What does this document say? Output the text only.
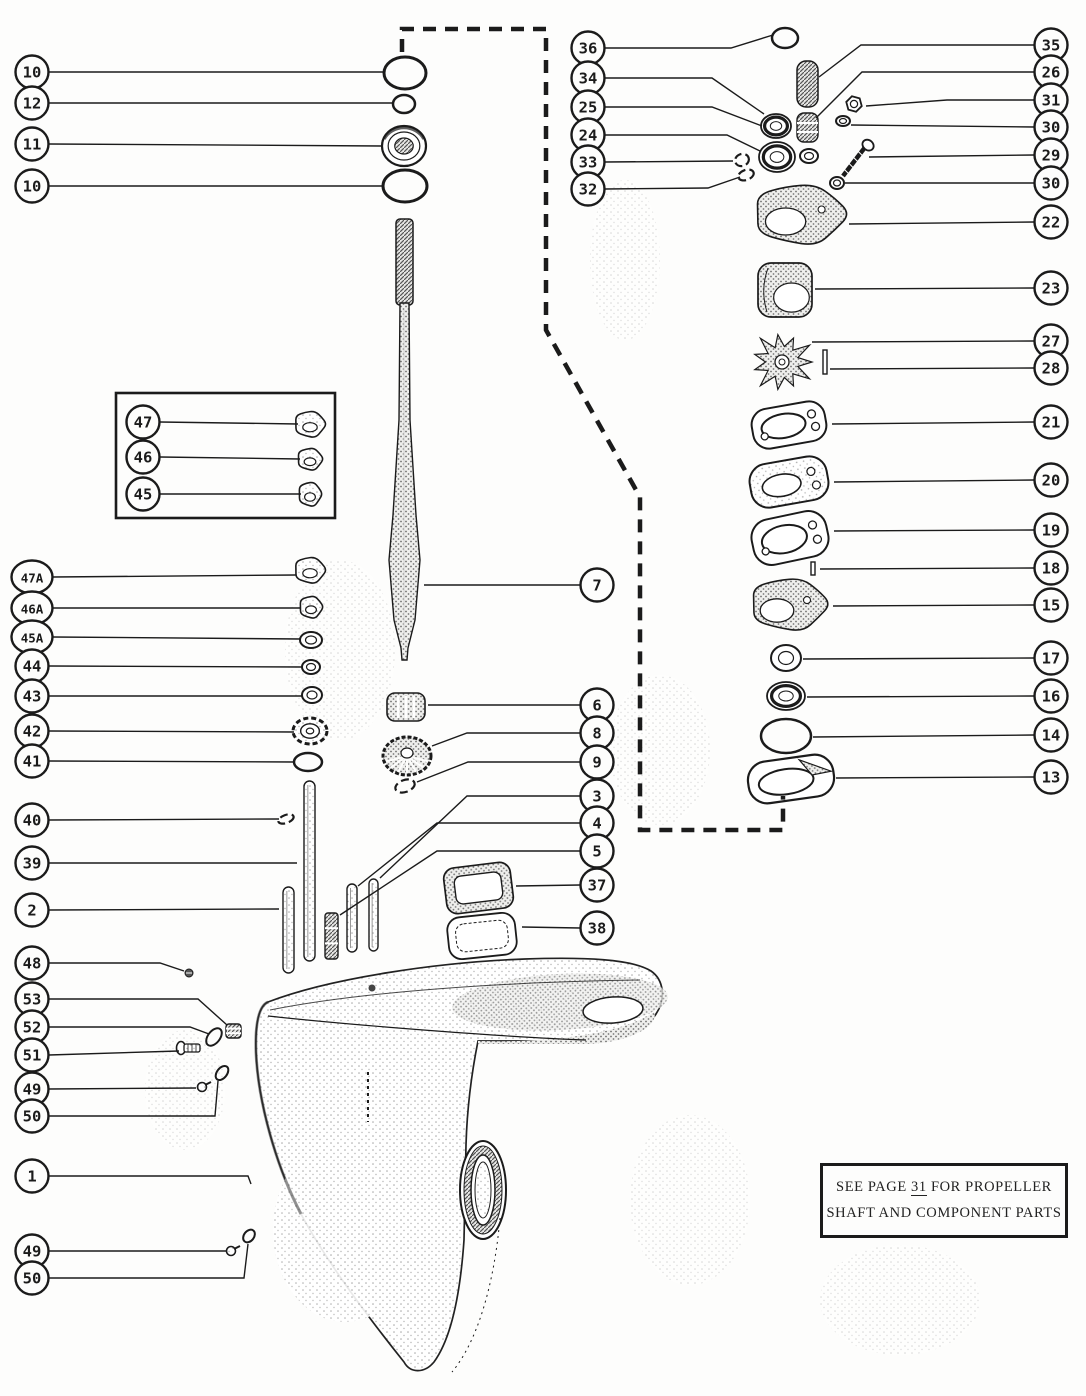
10
12
11
10
47A
46A
45A
44
43
42
41
40
39
2
48
53
52
51
49
50
1
49
50
47
46
45
36
34
25
24
33
32
7
6
8
9
3
4
5
37
38
35
26
31
30
29
30
22
23
27
28
21
20
19
18
15
17
16
14
13
SEE PAGE 31 FOR PROPELLER
SHAFT AND COMPONENT PARTS
